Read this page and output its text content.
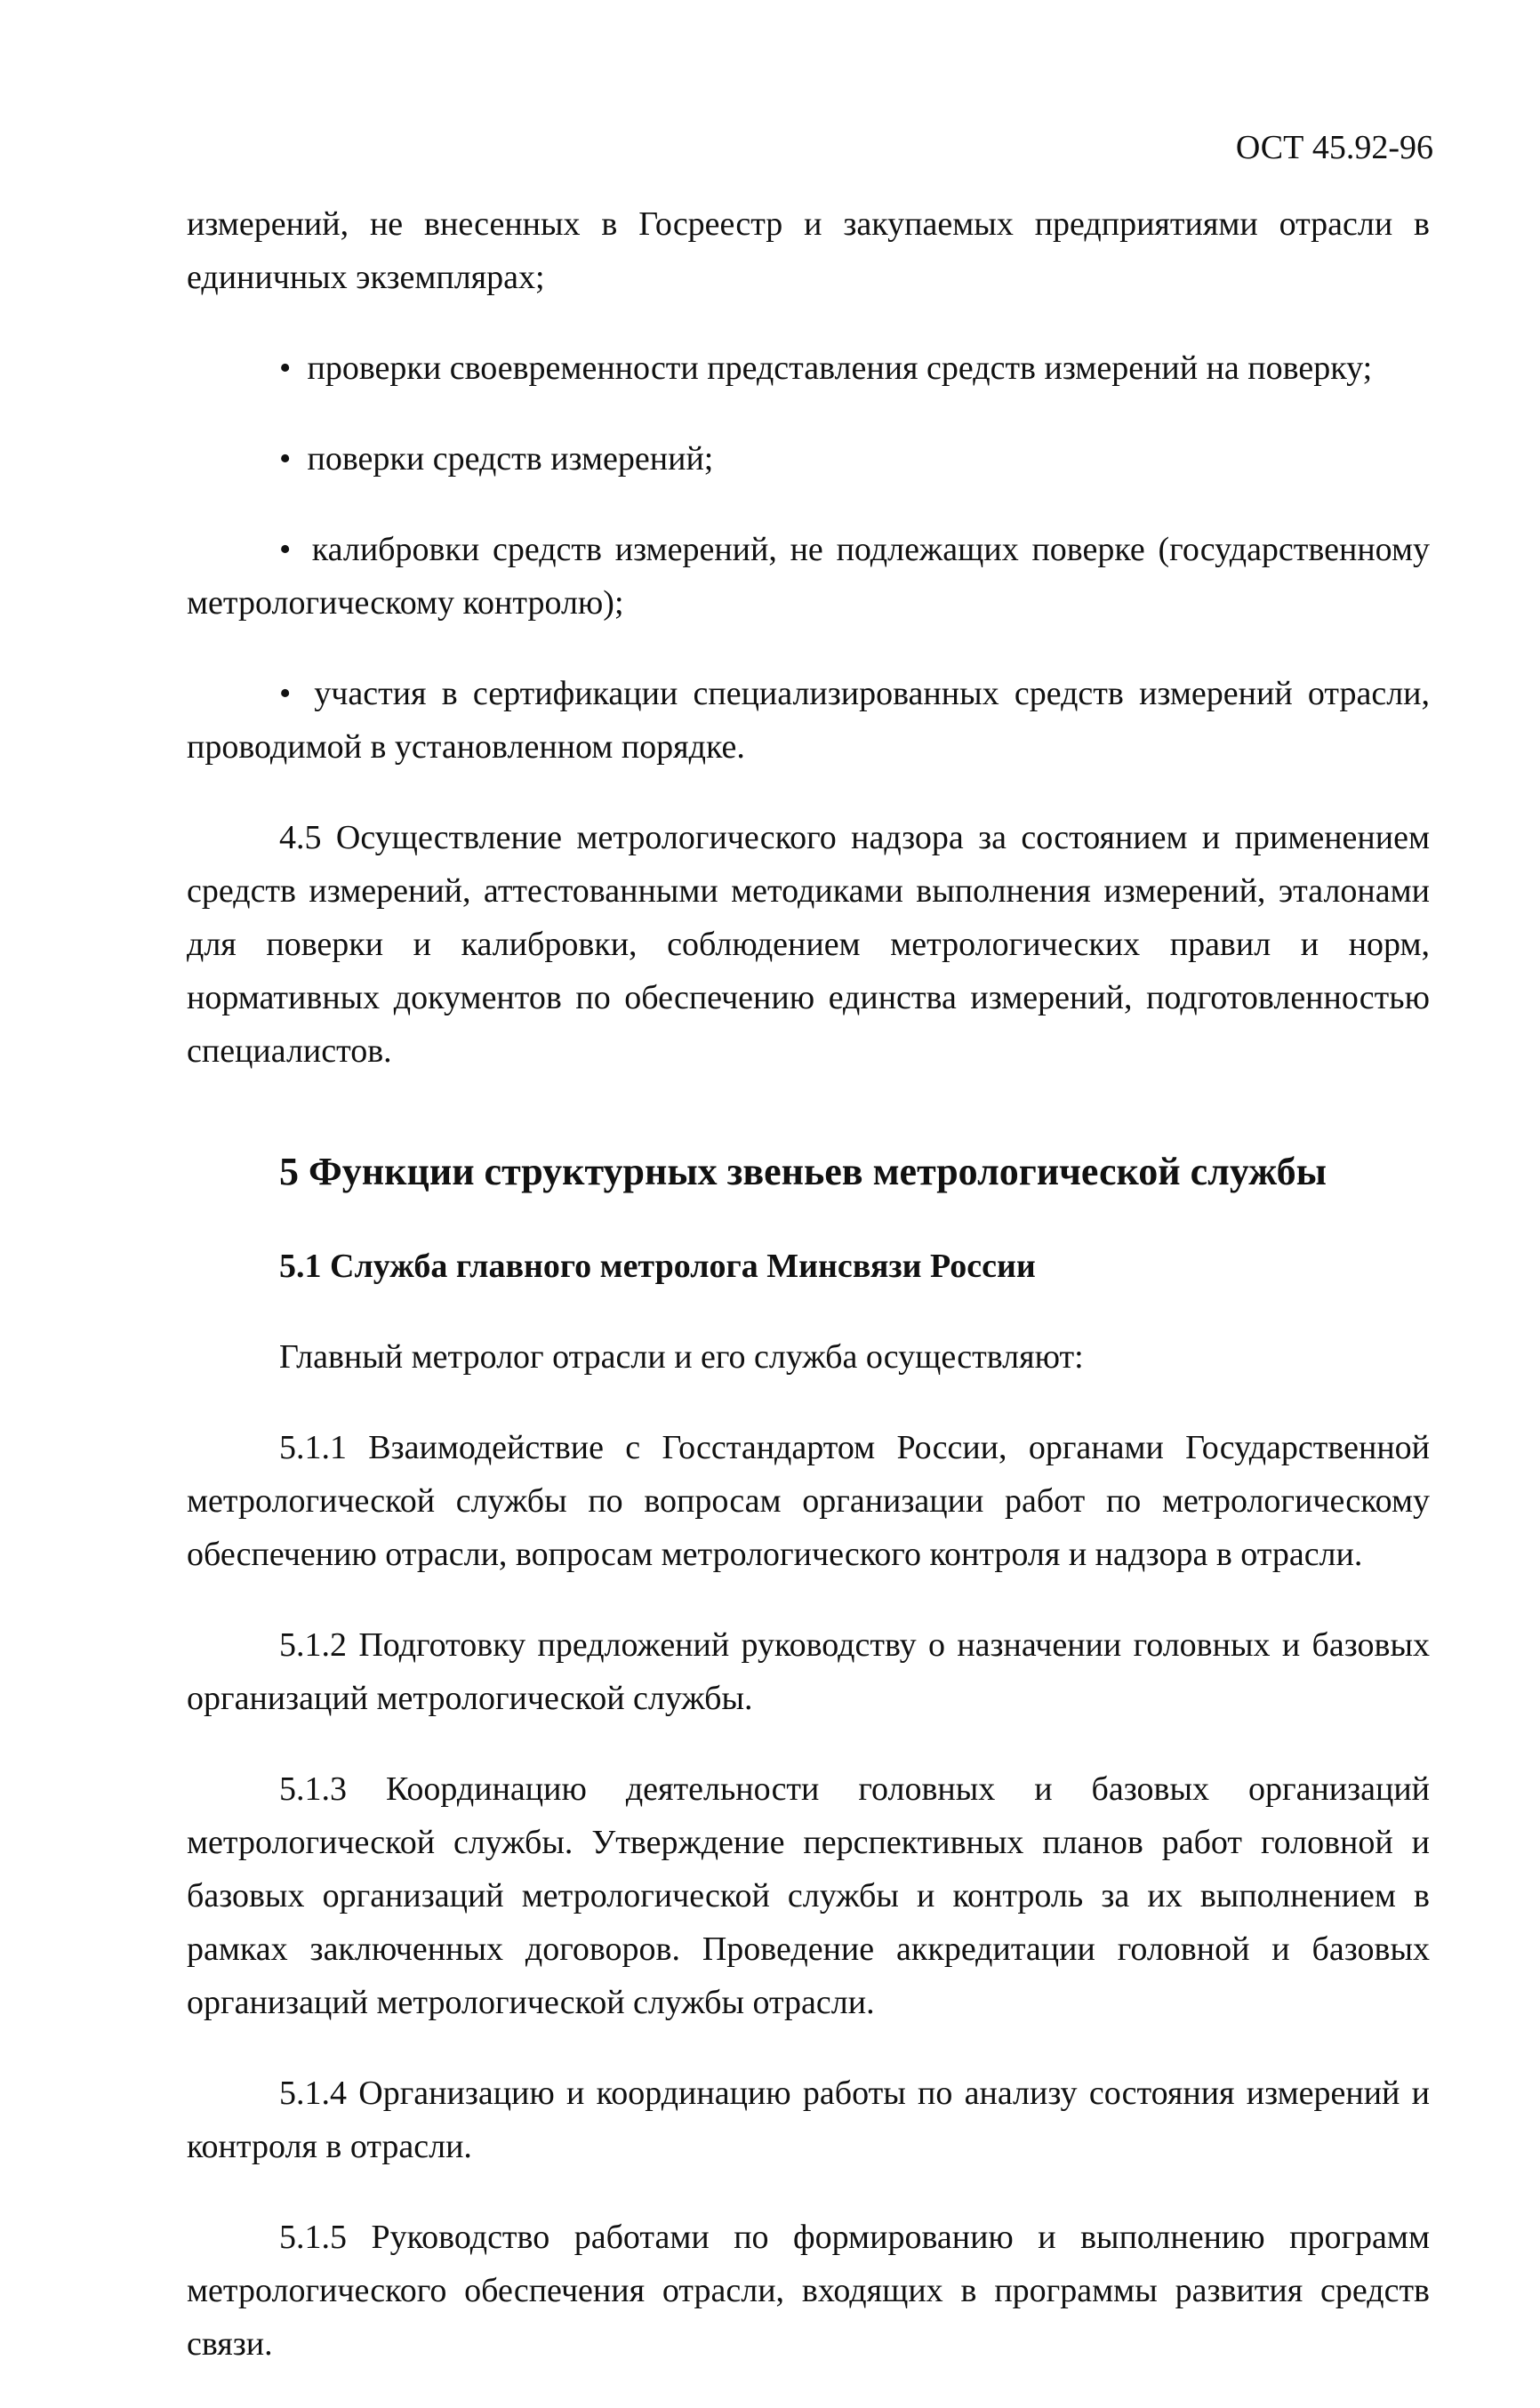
ОСТ 45.92-96

измерений, не внесенных в Госреестр и закупаемых предприятиями отрасли в единичных экземплярах;

• проверки своевременности представления средств измерений на поверку;

• поверки средств измерений;

• калибровки средств измерений, не подлежащих поверке (государственному метрологическому контролю);

• участия в сертификации специализированных средств измерений отрасли, проводимой в установленном порядке.

4.5 Осуществление метрологического надзора за состоянием и применением средств измерений, аттестованными методиками выполнения измерений, эталонами для поверки и калибровки, соблюдением метрологических правил и норм, нормативных документов по обеспечению единства измерений, подготовленностью специалистов.

5 Функции структурных звеньев метрологической службы
5.1 Служба главного метролога Минсвязи России

Главный метролог отрасли и его служба осуществляют:

5.1.1 Взаимодействие с Госстандартом России, органами Государственной метрологической службы по вопросам организации работ по метрологическому обеспечению отрасли, вопросам метрологического контроля и надзора в отрасли.

5.1.2 Подготовку предложений руководству о назначении головных и базовых организаций метрологической службы.

5.1.3 Координацию деятельности головных и базовых организаций метрологической службы. Утверждение перспективных планов работ головной и базовых организаций метрологической службы и контроль за их выполнением в рамках заключенных договоров. Проведение аккредитации головной и базовых организаций метрологической службы отрасли.

5.1.4 Организацию и координацию работы по анализу состояния измерений и контроля в отрасли.

5.1.5 Руководство работами по формированию и выполнению программ метрологического обеспечения отрасли, входящих в программы развития средств связи.
